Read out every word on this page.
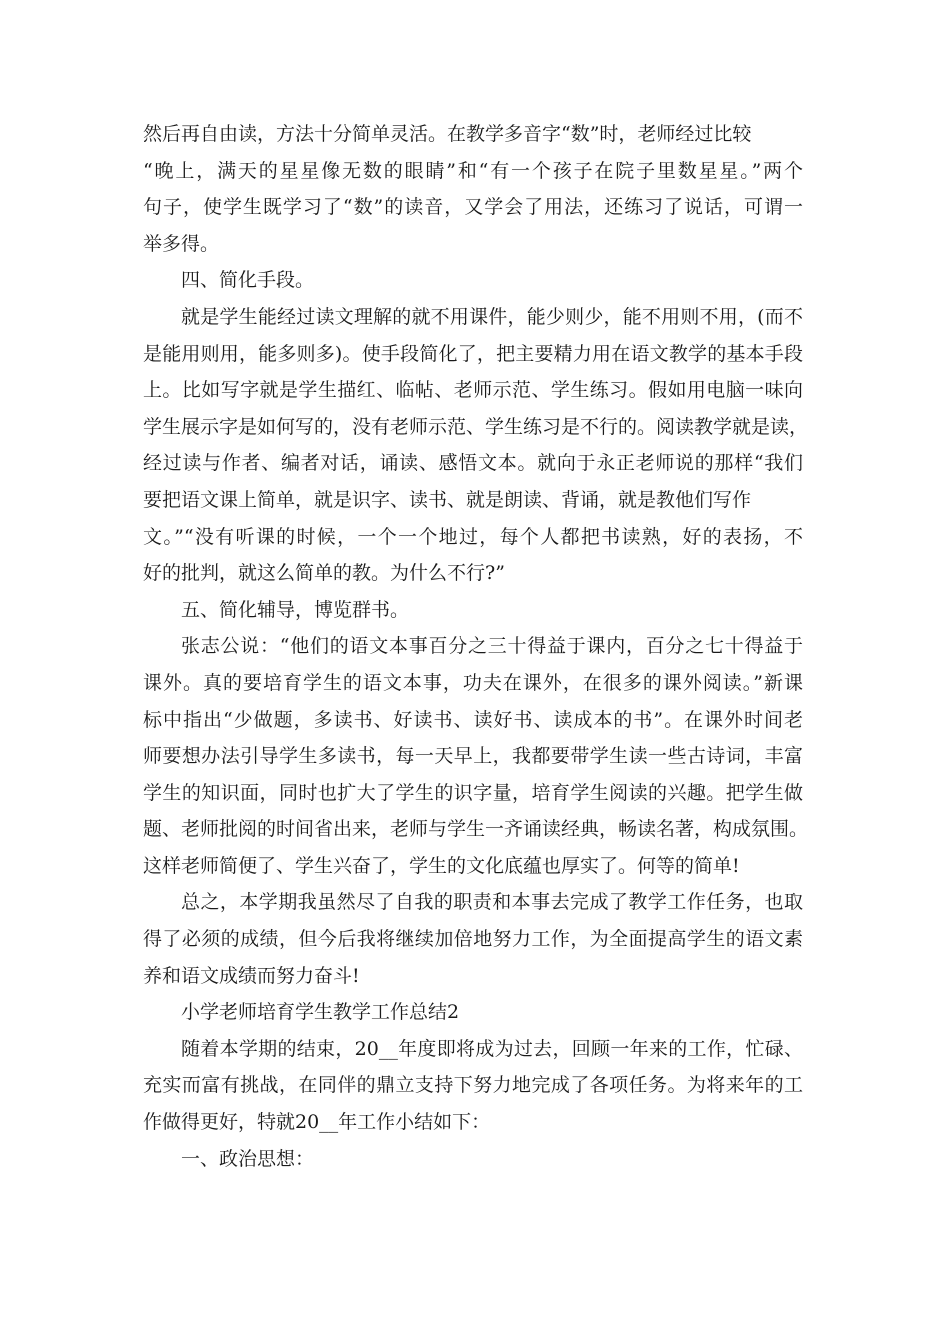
然后再自由读，方法十分简单灵活。在教学多音字“数”时，老师经过比较
“晚上，满天的星星像无数的眼睛”和“有一个孩子在院子里数星星。”两个
句子，使学生既学习了“数”的读音，又学会了用法，还练习了说话，可谓一
举多得。
四、简化手段。
就是学生能经过读文理解的就不用课件，能少则少，能不用则不用，(而不
是能用则用，能多则多)。使手段简化了，把主要精力用在语文教学的基本手段
上。比如写字就是学生描红、临帖、老师示范、学生练习。假如用电脑一味向
学生展示字是如何写的，没有老师示范、学生练习是不行的。阅读教学就是读，
经过读与作者、编者对话，诵读、感悟文本。就向于永正老师说的那样“我们
要把语文课上简单，就是识字、读书、就是朗读、背诵，就是教他们写作
文。”“没有听课的时候，一个一个地过，每个人都把书读熟，好的表扬，不
好的批判，就这么简单的教。为什么不行?”
五、简化辅导，博览群书。
张志公说：“他们的语文本事百分之三十得益于课内，百分之七十得益于
课外。真的要培育学生的语文本事，功夫在课外，在很多的课外阅读。”新课
标中指出“少做题，多读书、好读书、读好书、读成本的书”。在课外时间老
师要想办法引导学生多读书，每一天早上，我都要带学生读一些古诗词，丰富
学生的知识面，同时也扩大了学生的识字量，培育学生阅读的兴趣。把学生做
题、老师批阅的时间省出来，老师与学生一齐诵读经典，畅读名著，构成氛围。
这样老师简便了、学生兴奋了，学生的文化底蕴也厚实了。何等的简单!
总之，本学期我虽然尽了自我的职责和本事去完成了教学工作任务，也取
得了必须的成绩，但今后我将继续加倍地努力工作，为全面提高学生的语文素
养和语文成绩而努力奋斗!
小学老师培育学生教学工作总结2
随着本学期的结束，20__年度即将成为过去，回顾一年来的工作，忙碌、
充实而富有挑战，在同伴的鼎立支持下努力地完成了各项任务。为将来年的工
作做得更好，特就20__年工作小结如下：
一、政治思想：
